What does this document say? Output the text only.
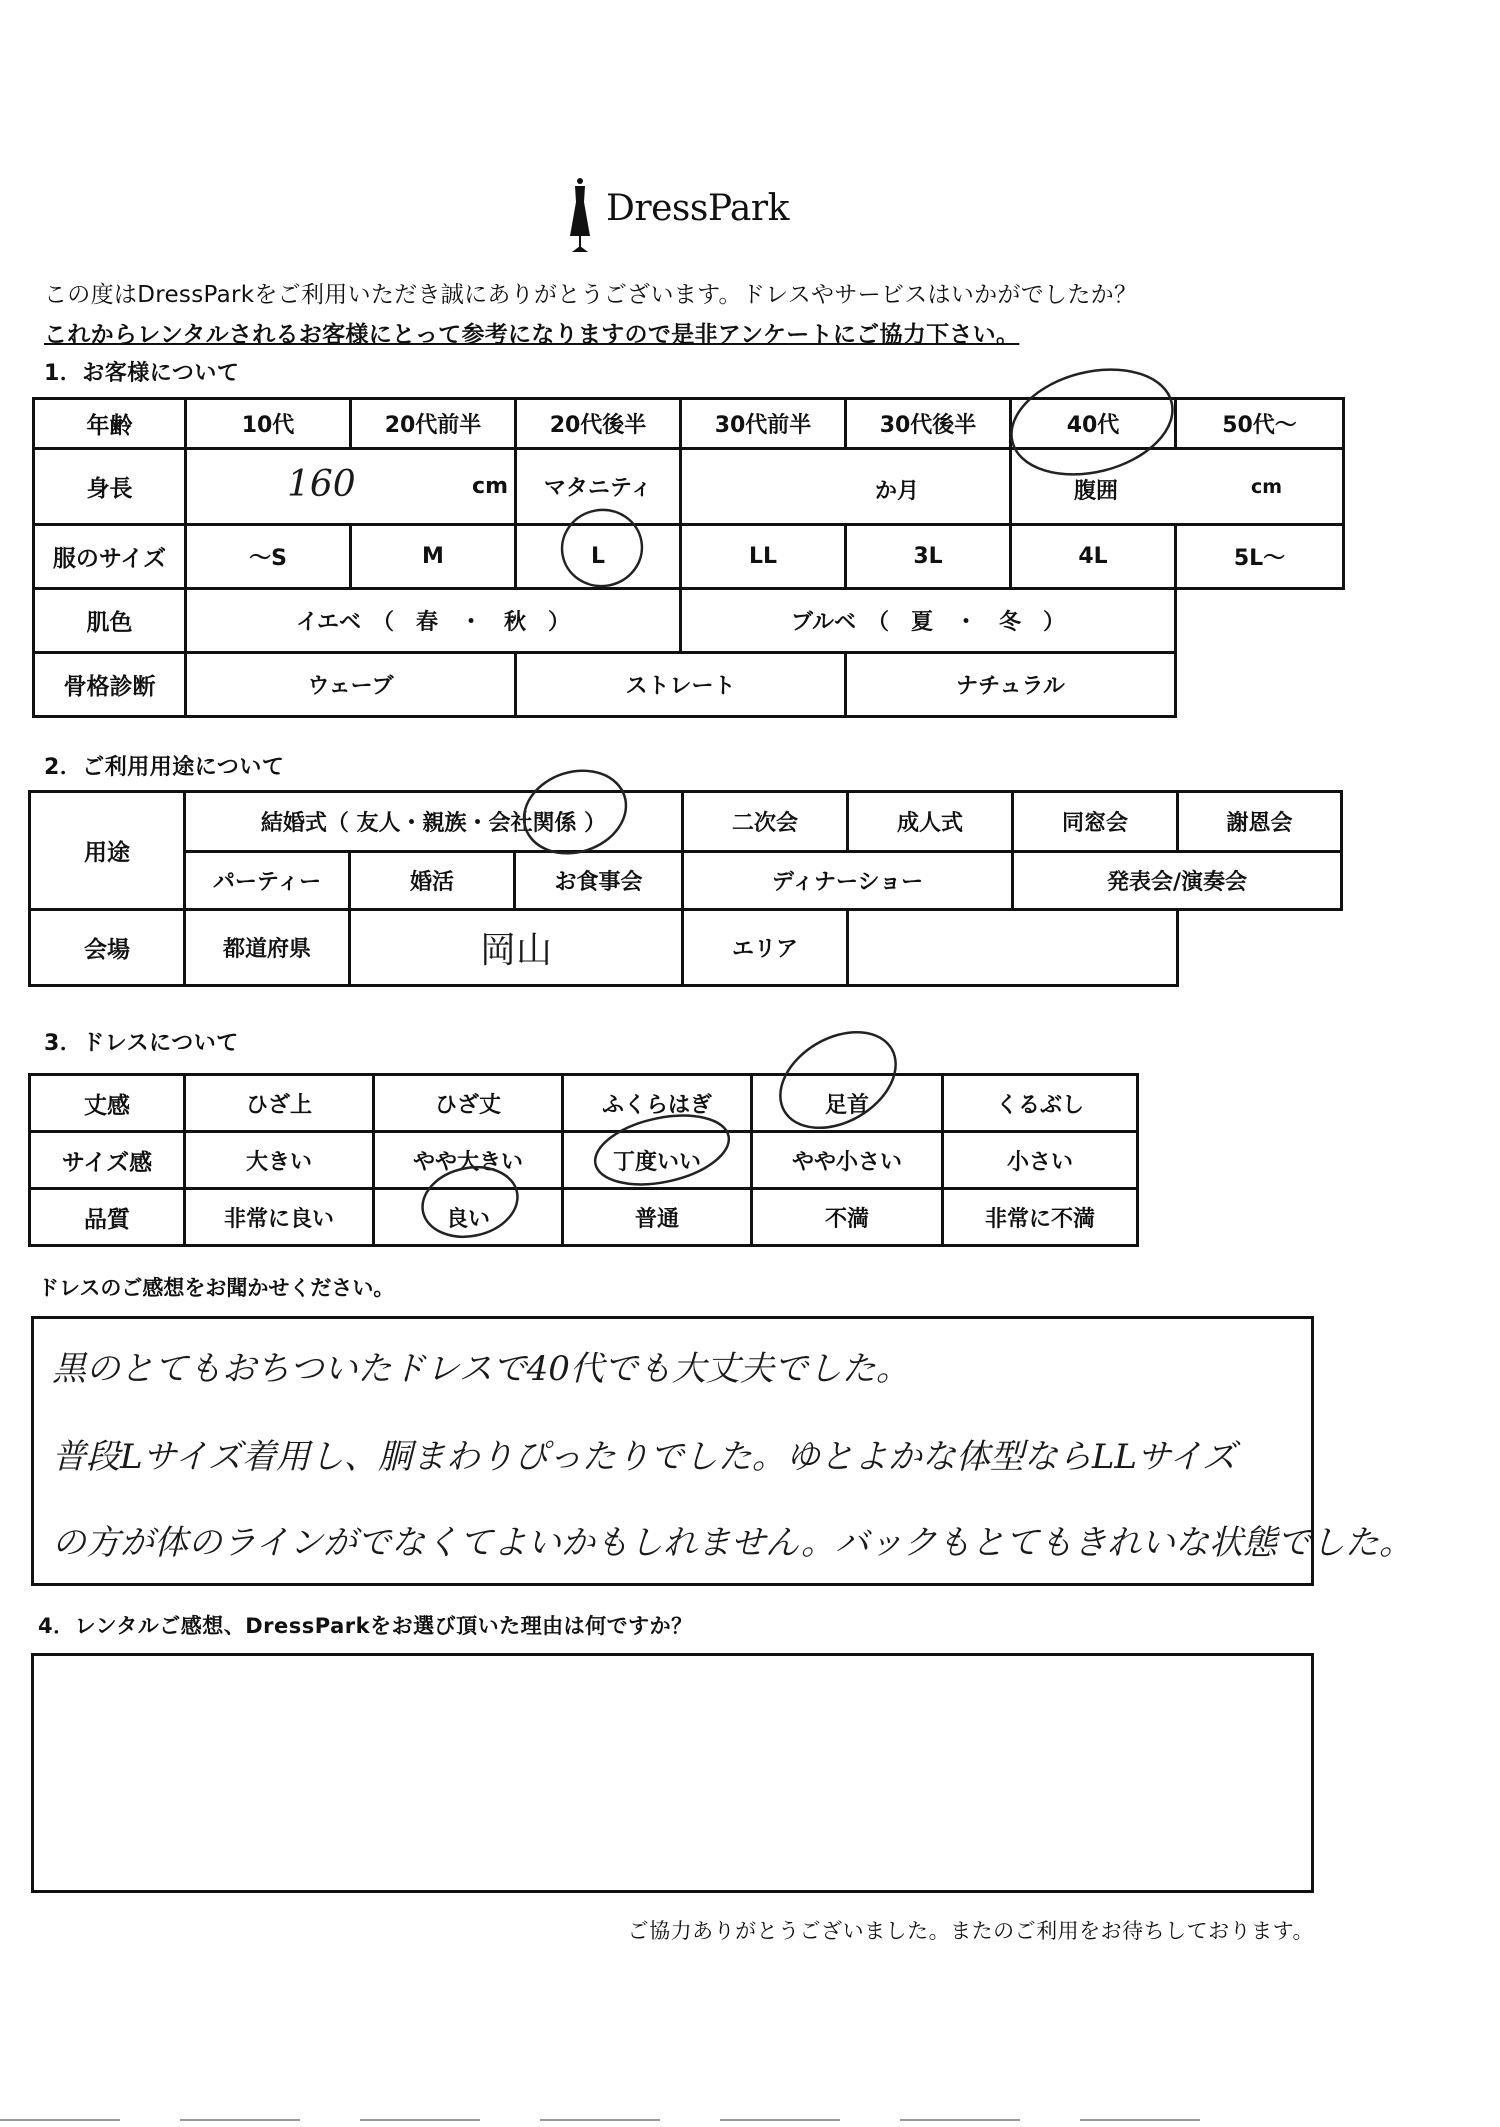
DressPark
この度はDressParkをご利用いただき誠にありがとうございます。ドレスやサービスはいかがでしたか？
これからレンタルされるお客様にとって参考になりますので是非アンケートにご協力下さい。
1．お客様について
年齢	10代	20代前半	20代後半	30代前半	30代後半	40代	50代〜
身長	160 cm		マタニティ	か月		腹囲 cm	

服のサイズ	〜S	M	L	LL	3L	4L	5L〜
肌色	イエベ　（　春　・　秋　）			ブルベ　（　夏　・　冬　）			
骨格診断	ウェーブ		ストレート		ナチュラル		
2．ご利用用途について
用途	結婚式（ 友人・親族・会社関係 ）			二次会	成人式	同窓会	謝恩会
	パーティー	婚活	お食事会	ディナーショー		発表会/演奏会	
会場	都道府県	岡山		エリア			
3．ドレスについて
丈感	ひざ上	ひざ丈	ふくらはぎ	足首	くるぶし
サイズ感	大きい	やや大きい	丁度いい	やや小さい	小さい
品質	非常に良い	良い	普通	不満	非常に不満
ドレスのご感想をお聞かせください。
黒のとてもおちついたドレスで40代でも大丈夫でした。
普段Lサイズ着用し、胴まわりぴったりでした。ゆとよかな体型ならLLサイズ
の方が体のラインがでなくてよいかもしれません。バックもとてもきれいな状態でした。
4．レンタルご感想、DressParkをお選び頂いた理由は何ですか？
ご協力ありがとうございました。またのご利用をお待ちしております。
